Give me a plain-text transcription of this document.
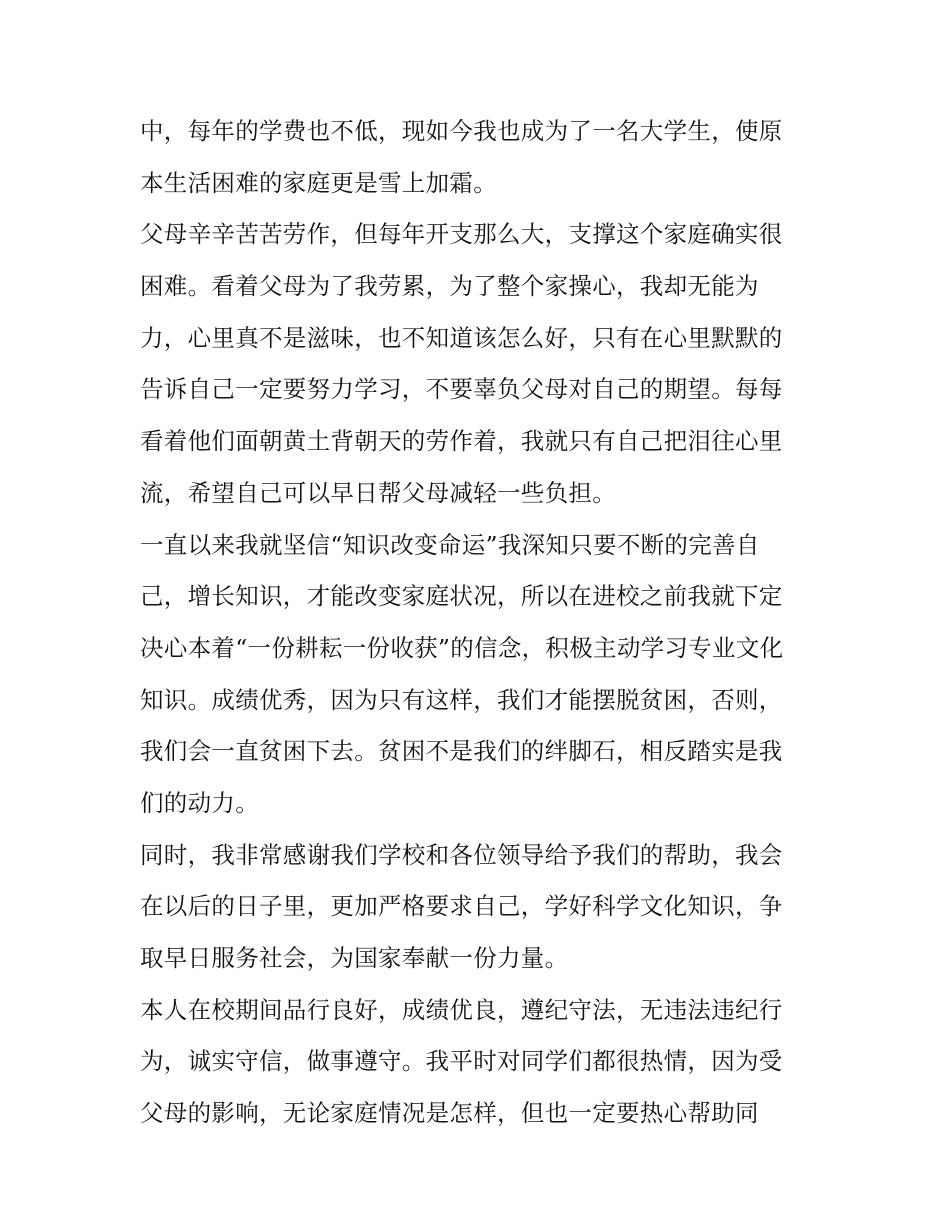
中，每年的学费也不低，现如今我也成为了一名大学生，使原
本生活困难的家庭更是雪上加霜。
父母辛辛苦苦劳作，但每年开支那么大，支撑这个家庭确实很
困难。看着父母为了我劳累，为了整个家操心，我却无能为
力，心里真不是滋味，也不知道该怎么好，只有在心里默默的
告诉自己一定要努力学习，不要辜负父母对自己的期望。每每
看着他们面朝黄土背朝天的劳作着，我就只有自己把泪往心里
流，希望自己可以早日帮父母减轻一些负担。
一直以来我就坚信“知识改变命运”我深知只要不断的完善自
己，增长知识，才能改变家庭状况，所以在进校之前我就下定
决心本着“一份耕耘一份收获”的信念，积极主动学习专业文化
知识。成绩优秀，因为只有这样，我们才能摆脱贫困，否则，
我们会一直贫困下去。贫困不是我们的绊脚石，相反踏实是我
们的动力。
同时，我非常感谢我们学校和各位领导给予我们的帮助，我会
在以后的日子里，更加严格要求自己，学好科学文化知识，争
取早日服务社会，为国家奉献一份力量。
本人在校期间品行良好，成绩优良，遵纪守法，无违法违纪行
为，诚实守信，做事遵守。我平时对同学们都很热情，因为受
父母的影响，无论家庭情况是怎样，但也一定要热心帮助同
